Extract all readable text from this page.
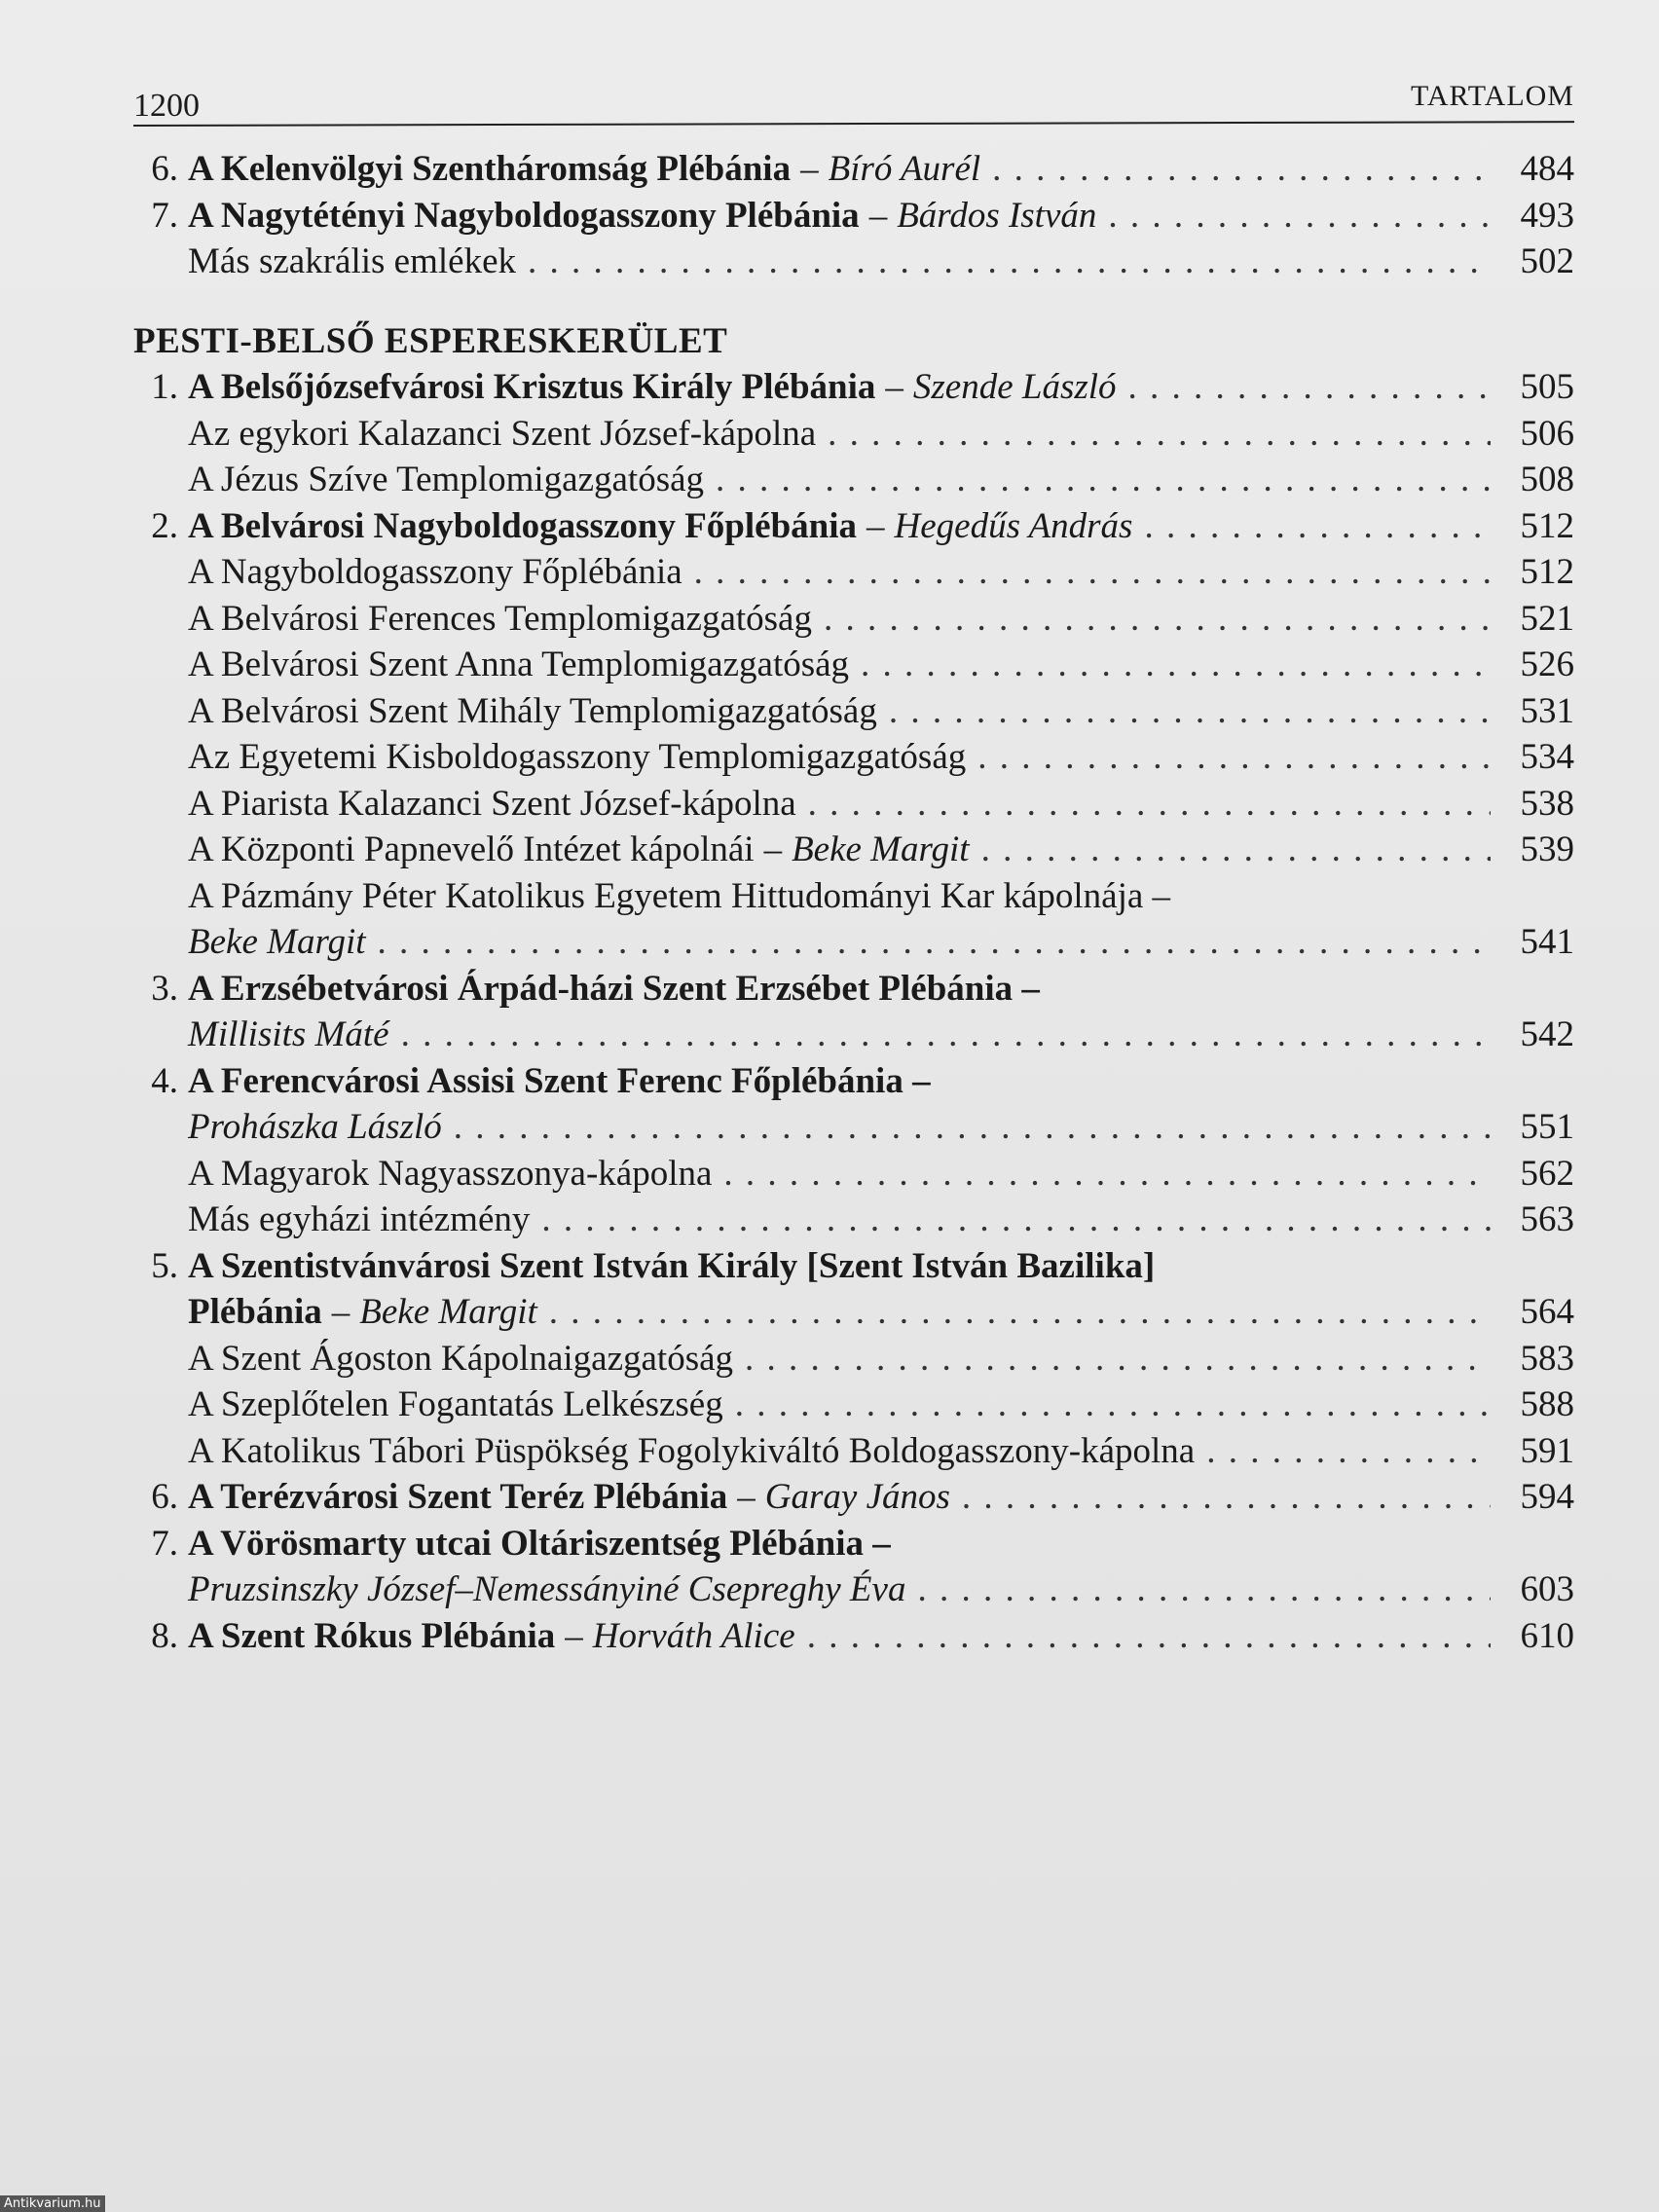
1200	TARTALOM
6. A Kelenvölgyi Szentháromság Plébánia – Bíró Aurél . . .	484
7. A Nagytétényi Nagyboldogasszony Plébánia – Bárdos István . . .	493
Más szakrális emlékek . . .	502
PESTI-BELSŐ ESPERESKERÜLET
1. A Belsőjózsefvárosi Krisztus Király Plébánia – Szende László . . .	505
Az egykori Kalazanci Szent József-kápolna . . .	506
A Jézus Szíve Templomigazgatóság . . .	508
2. A Belvárosi Nagyboldogasszony Főplébánia – Hegedűs András . . .	512
A Nagyboldogasszony Főplébánia . . .	512
A Belvárosi Ferences Templomigazgatóság . . .	521
A Belvárosi Szent Anna Templomigazgatóság . . .	526
A Belvárosi Szent Mihály Templomigazgatóság . . .	531
Az Egyetemi Kisboldogasszony Templomigazgatóság . . .	534
A Piarista Kalazanci Szent József-kápolna . . .	538
A Központi Papnevelő Intézet kápolnái – Beke Margit . . .	539
A Pázmány Péter Katolikus Egyetem Hittudományi Kar kápolnája –
Beke Margit . . .	541
3. A Erzsébetvárosi Árpád-házi Szent Erzsébet Plébánia –
Millisits Máté . . .	542
4. A Ferencvárosi Assisi Szent Ferenc Főplébánia –
Prohászka László . . .	551
A Magyarok Nagyasszonya-kápolna . . .	562
Más egyházi intézmény . . .	563
5. A Szentistvánvárosi Szent István Király [Szent István Bazilika]
Plébánia – Beke Margit . . .	564
A Szent Ágoston Kápolnaigazgatóság . . .	583
A Szeplőtelen Fogantatás Lelkészség . . .	588
A Katolikus Tábori Püspökség Fogolykiváltó Boldogasszony-kápolna . . .	591
6. A Terézvárosi Szent Teréz Plébánia – Garay János . . .	594
7. A Vörösmarty utcai Oltáriszentség Plébánia –
Pruzsinszky József–Nemessányiné Csepreghy Éva . . .	603
8. A Szent Rókus Plébánia – Horváth Alice . . .	610
Antikvarium.hu
